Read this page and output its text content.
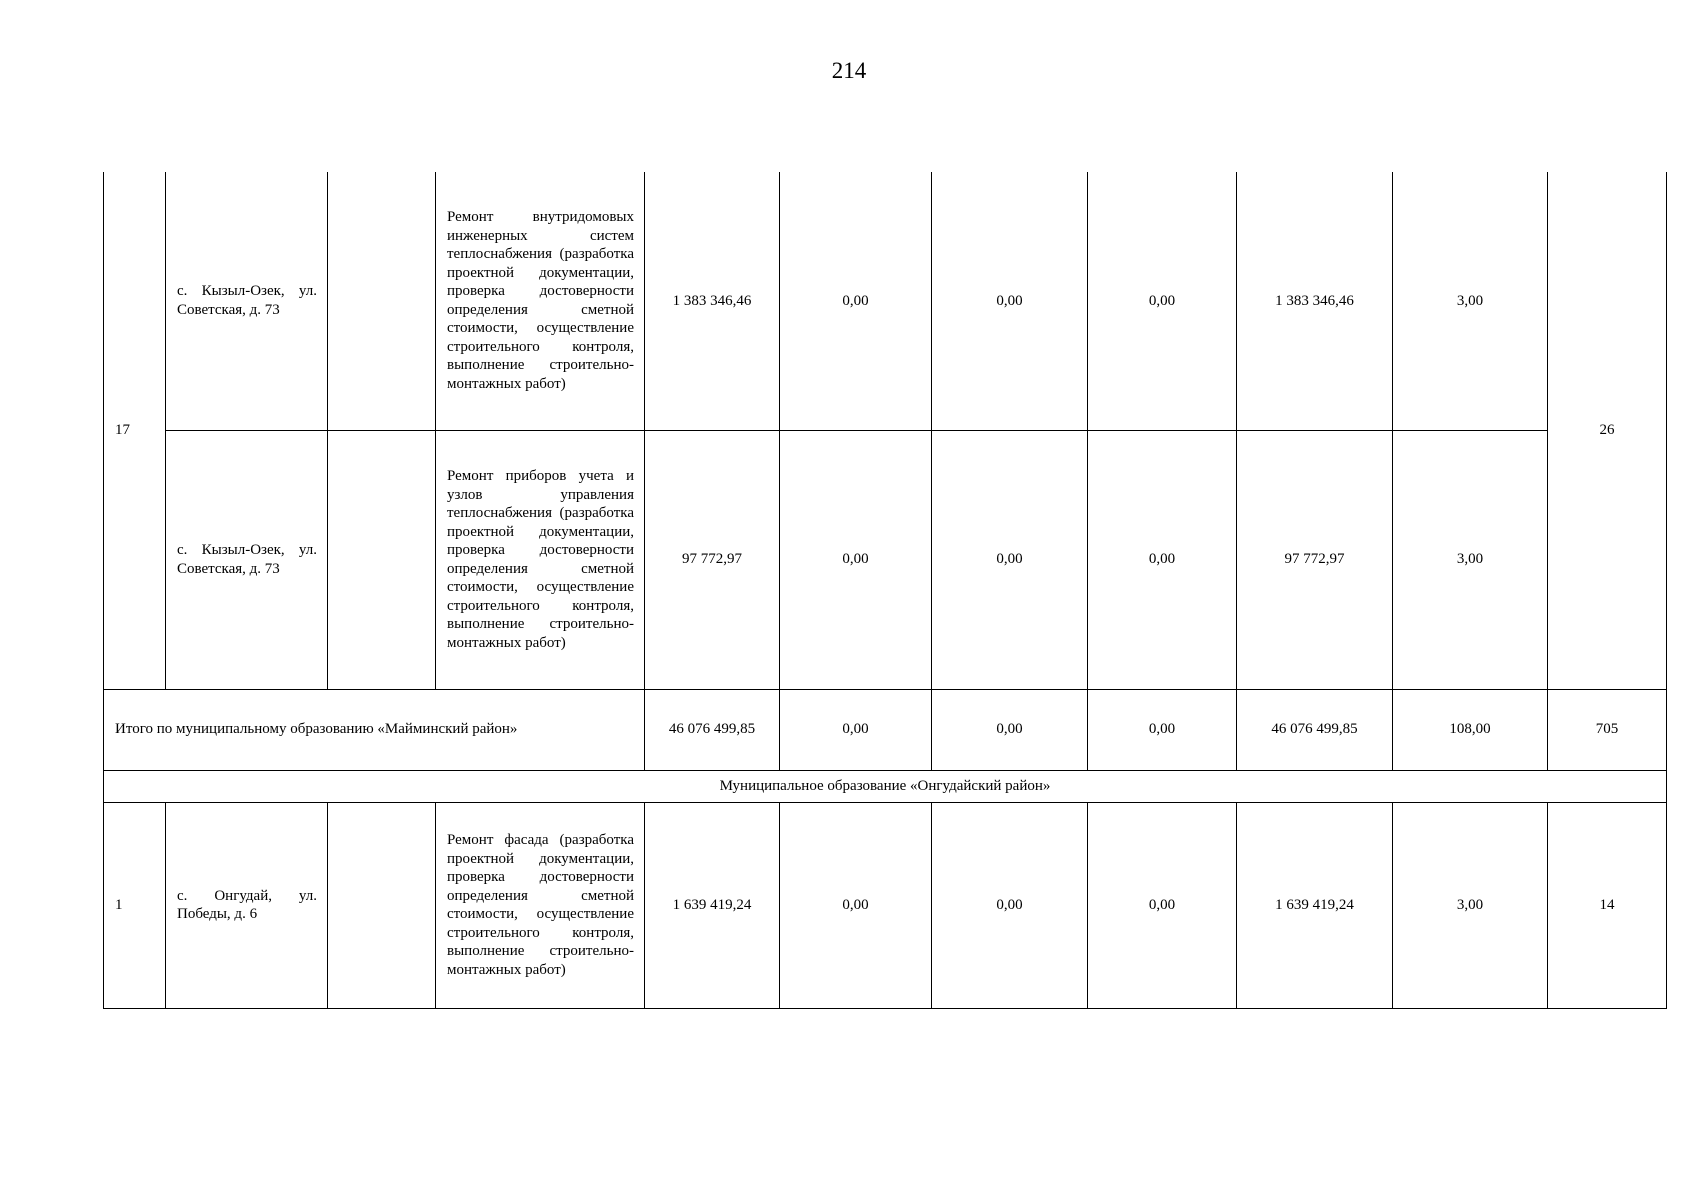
214
17	с. Кызыл-Озек, ул. Советская, д. 73		Ремонт внутридомовых инженерных систем теплоснабжения (разработка проектной документации, проверка достоверности определения сметной стоимости, осуществление строительного контроля, выполнение строительно-монтажных работ)	1 383 346,46	0,00	0,00	0,00	1 383 346,46	3,00	26
	с. Кызыл-Озек, ул. Советская, д. 73		Ремонт приборов учета и узлов управления теплоснабжения (разработка проектной документации, проверка достоверности определения сметной стоимости, осуществление строительного контроля, выполнение строительно-монтажных работ)	97 772,97	0,00	0,00	0,00	97 772,97	3,00	
Итого по муниципальному образованию «Майминский район»				46 076 499,85	0,00	0,00	0,00	46 076 499,85	108,00	705
Муниципальное образование «Онгудайский район»										
1	с. Онгудай, ул. Победы, д. 6		Ремонт фасада (разработка проектной документации, проверка достоверности определения сметной стоимости, осуществление строительного контроля, выполнение строительно-монтажных работ)	1 639 419,24	0,00	0,00	0,00	1 639 419,24	3,00	14
